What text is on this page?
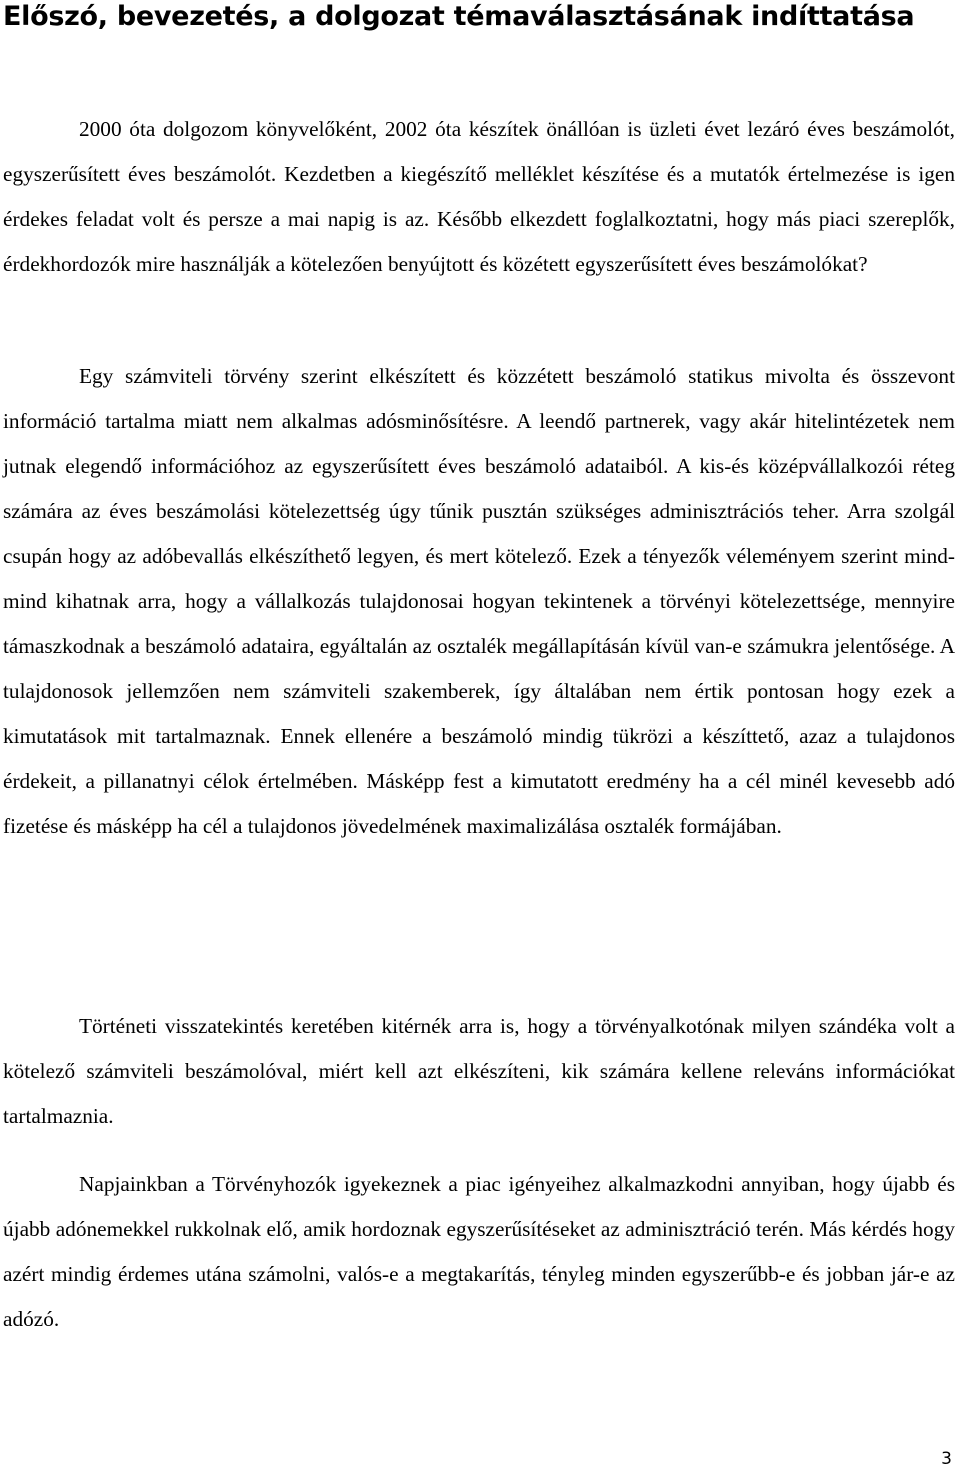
Előszó, bevezetés, a dolgozat témaválasztásának indíttatása

2000 óta dolgozom könyvelőként, 2002 óta készítek önállóan is üzleti évet lezáró éves beszámolót, egyszerűsített éves beszámolót. Kezdetben a kiegészítő melléklet készítése és a mutatók értelmezése is igen érdekes feladat volt és persze a mai napig is az. Később elkezdett foglalkoztatni, hogy más piaci szereplők, érdekhordozók mire használják a kötelezően benyújtott és közétett egyszerűsített éves beszámolókat?

Egy számviteli törvény szerint elkészített és közzétett beszámoló statikus mivolta és összevont információ tartalma miatt nem alkalmas adósminősítésre. A leendő partnerek, vagy akár hitelintézetek nem jutnak elegendő információhoz az egyszerűsített éves beszámoló adataiból. A kis-és középvállalkozói réteg számára az éves beszámolási kötelezettség úgy tűnik pusztán szükséges adminisztrációs teher. Arra szolgál csupán hogy az adóbevallás elkészíthető legyen, és mert kötelező. Ezek a tényezők véleményem szerint mind-mind kihatnak arra, hogy a vállalkozás tulajdonosai hogyan tekintenek a törvényi kötelezettsége, mennyire támaszkodnak a beszámoló adataira, egyáltalán az osztalék megállapításán kívül van-e számukra jelentősége. A tulajdonosok jellemzően nem számviteli szakemberek, így általában nem értik pontosan hogy ezek a kimutatások mit tartalmaznak. Ennek ellenére a beszámoló mindig tükrözi a készíttető, azaz a tulajdonos érdekeit, a pillanatnyi célok értelmében. Másképp fest a kimutatott eredmény ha a cél minél kevesebb adó fizetése és másképp ha cél a tulajdonos jövedelmének maximalizálása osztalék formájában.

Történeti visszatekintés keretében kitérnék arra is, hogy a törvényalkotónak milyen szándéka volt a kötelező számviteli beszámolóval, miért kell azt elkészíteni, kik számára kellene releváns információkat tartalmaznia.

Napjainkban a Törvényhozók igyekeznek a piac igényeihez alkalmazkodni annyiban, hogy újabb és újabb adónemekkel rukkolnak elő, amik hordoznak egyszerűsítéseket az adminisztráció terén. Más kérdés hogy azért mindig érdemes utána számolni, valós-e a megtakarítás, tényleg minden egyszerűbb-e és jobban jár-e az adózó.

3
